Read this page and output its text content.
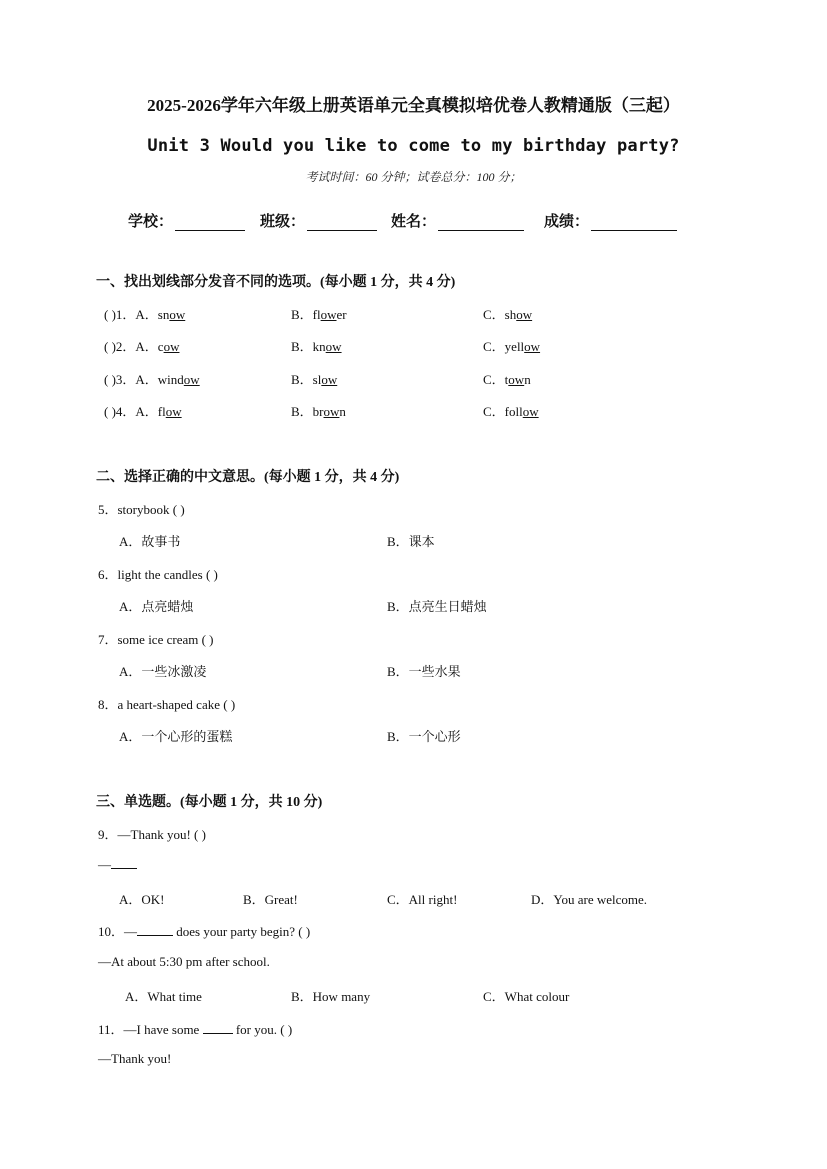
2025-2026学年六年级上册英语单元全真模拟培优卷人教精通版（三起）
Unit 3 Would you like to come to my birthday party?
考试时间：60 分钟；试卷总分：100 分；
学校：	班级：	姓名：	成绩：
一、找出划线部分发音不同的选项。(每小题 1 分，共 4 分)
( )1．A．snow	B．flower	C．show
( )2．A．cow	B．know	C．yellow
( )3．A．window	B．slow	C．town
( )4．A．flow	B．brown	C．follow
二、选择正确的中文意思。(每小题 1 分，共 4 分)
5．storybook ( )
A．故事书	B．课本
6．light the candles ( )
A．点亮蜡烛	B．点亮生日蜡烛
7．some ice cream ( )
A．一些冰激凌	B．一些水果
8．a heart-shaped cake ( )
A．一个心形的蛋糕	B．一个心形
三、单选题。(每小题 1 分，共 10 分)
9．—Thank you! ( )
—
A．OK!	B．Great!	C．All right!	D．You are welcome.
10．—	does your party begin? ( )
—At about 5:30 pm after school.
A．What time	B．How many	C．What colour
11．—I have some  for you. ( )
—Thank you!
